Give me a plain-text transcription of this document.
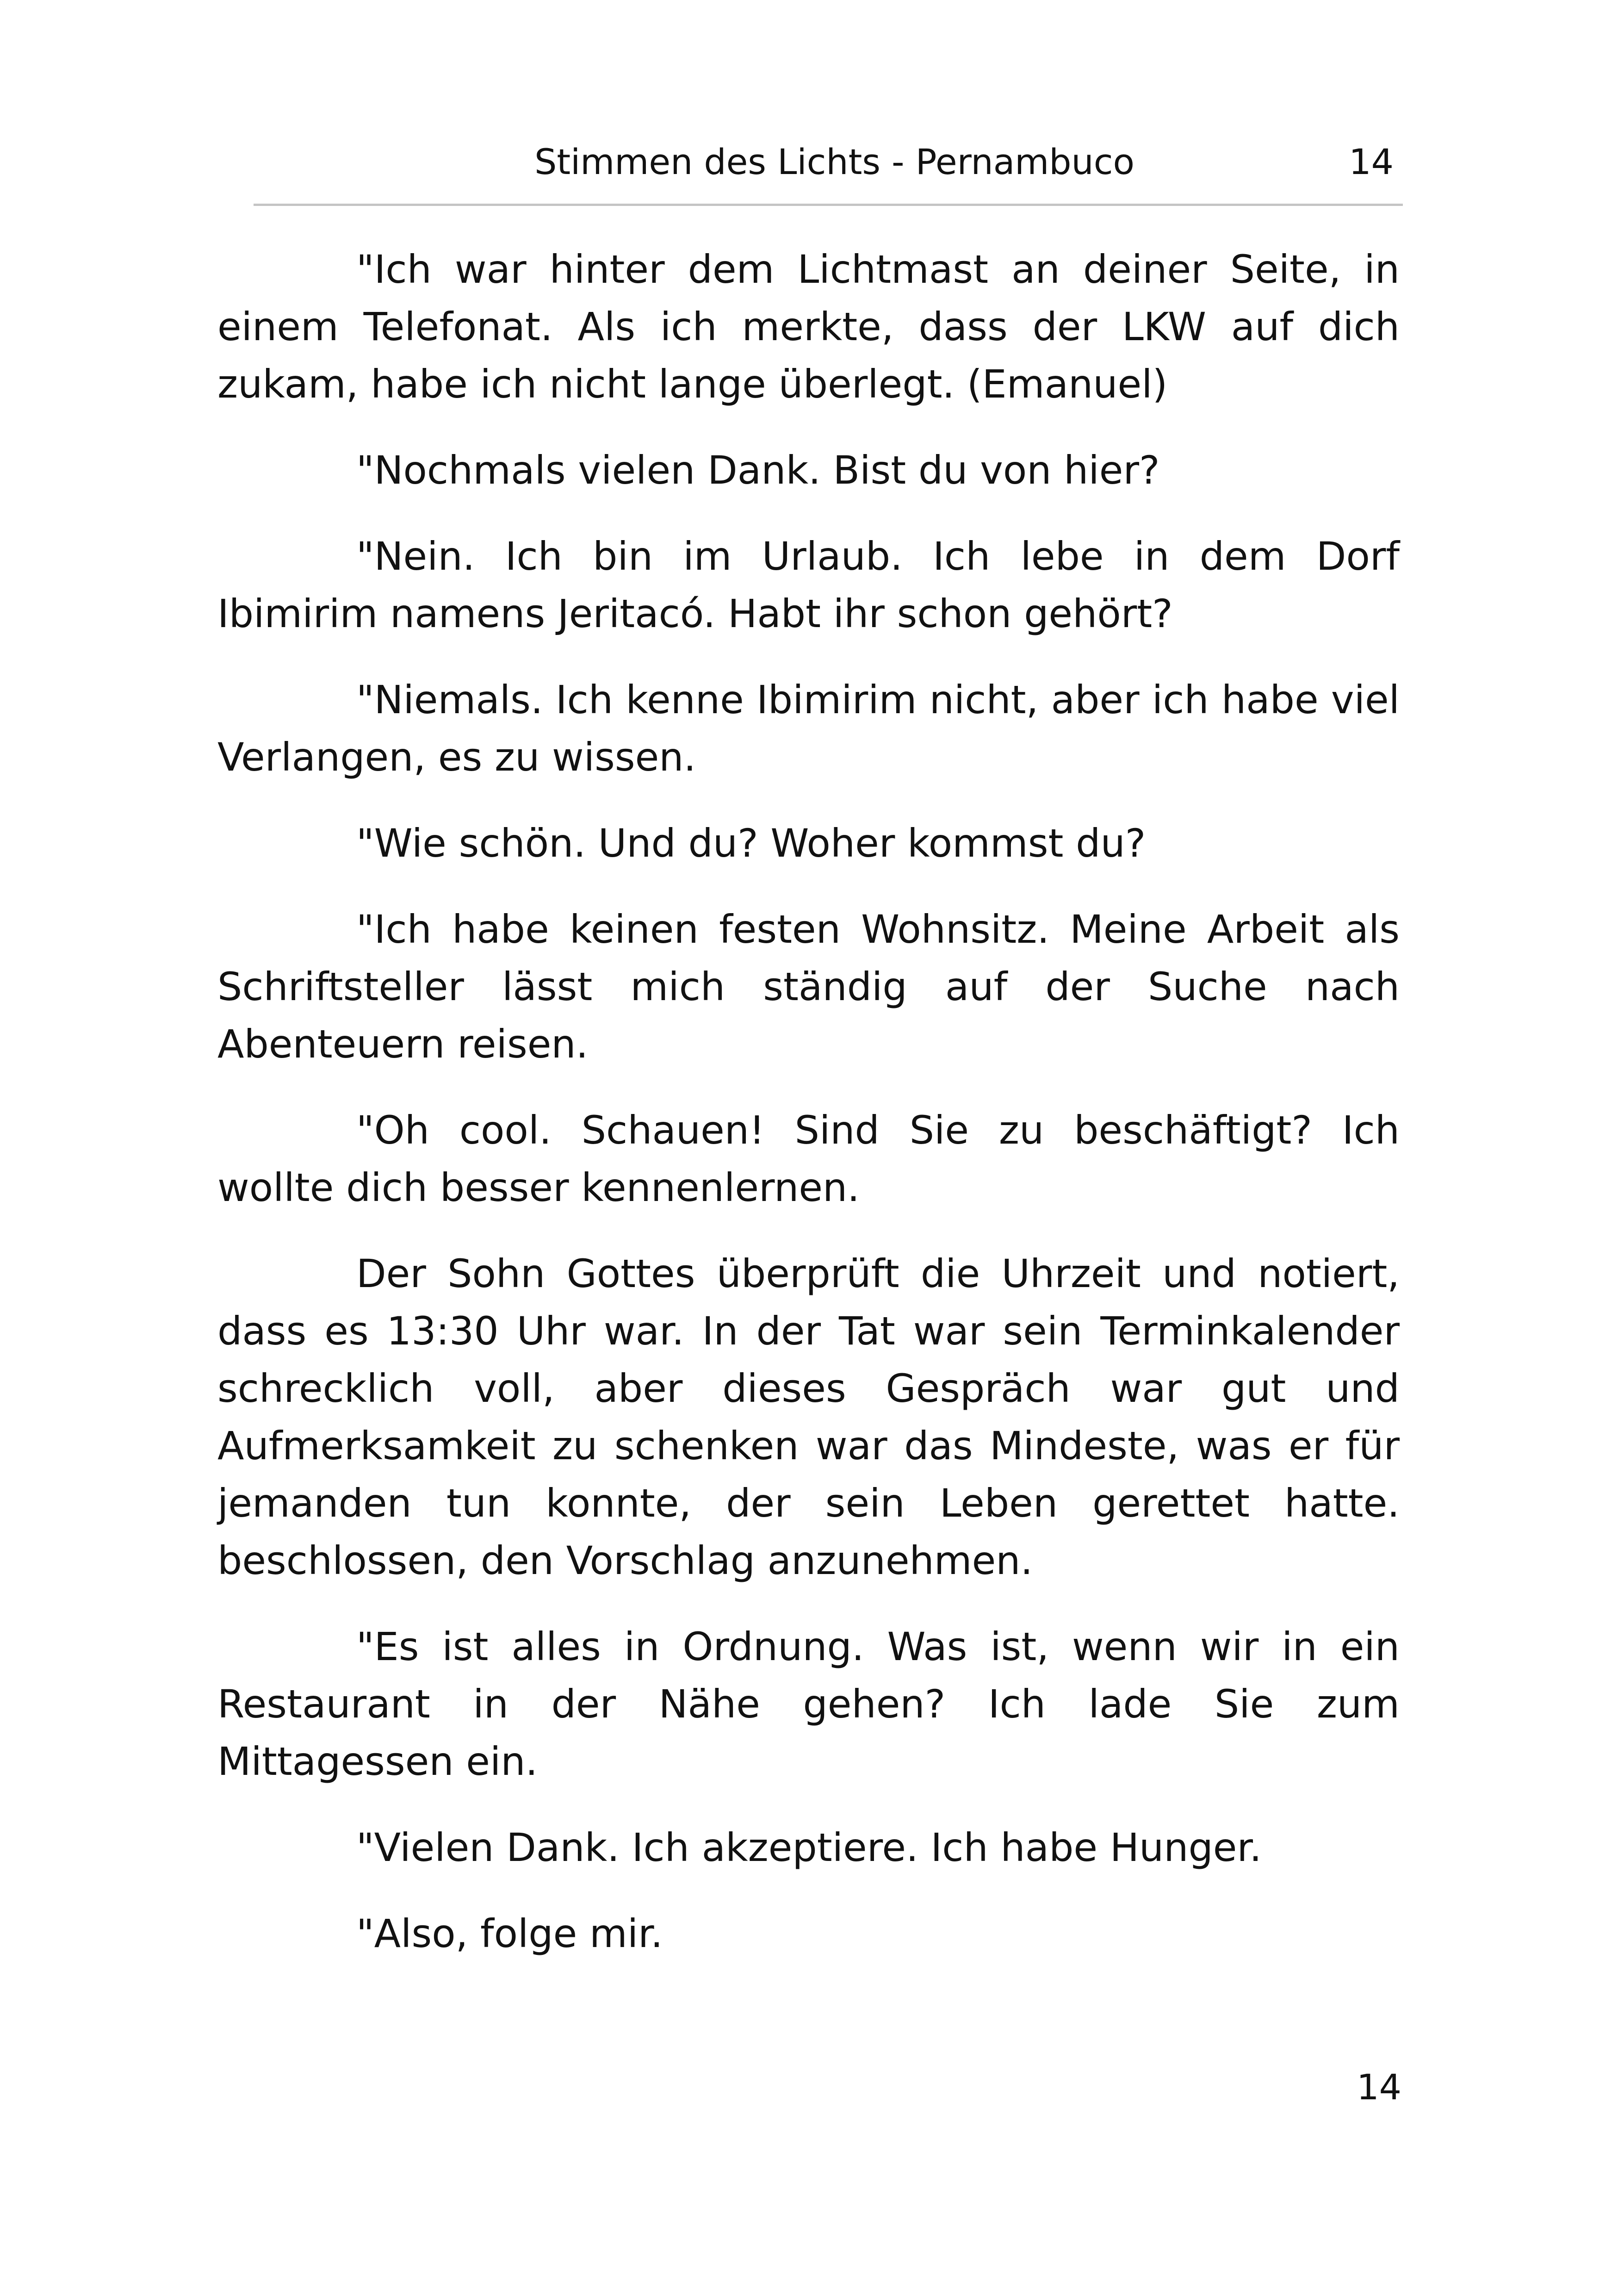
Stimmen des Lichts - Pernambuco	14

"Ich war hinter dem Lichtmast an deiner Seite, in einem Telefonat. Als ich merkte, dass der LKW auf dich zukam, habe ich nicht lange überlegt. (Emanuel)

"Nochmals vielen Dank. Bist du von hier?

"Nein. Ich bin im Urlaub. Ich lebe in dem Dorf Ibimirim namens Jeritacó. Habt ihr schon gehört?

"Niemals. Ich kenne Ibimirim nicht, aber ich habe viel Verlangen, es zu wissen.

"Wie schön. Und du? Woher kommst du?

"Ich habe keinen festen Wohnsitz. Meine Arbeit als Schriftsteller lässt mich ständig auf der Suche nach Abenteuern reisen.

"Oh cool. Schauen! Sind Sie zu beschäftigt? Ich wollte dich besser kennenlernen.

Der Sohn Gottes überprüft die Uhrzeit und notiert, dass es 13:30 Uhr war. In der Tat war sein Terminkalender schrecklich voll, aber dieses Gespräch war gut und Aufmerksamkeit zu schenken war das Mindeste, was er für jemanden tun konnte, der sein Leben gerettet hatte. beschlossen, den Vorschlag anzunehmen.

"Es ist alles in Ordnung. Was ist, wenn wir in ein Restaurant in der Nähe gehen? Ich lade Sie zum Mittagessen ein.

"Vielen Dank. Ich akzeptiere. Ich habe Hunger.

"Also, folge mir.

14
